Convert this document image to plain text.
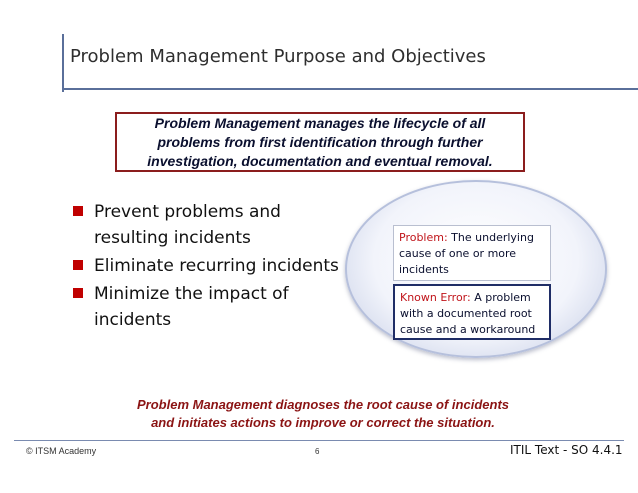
Problem Management Purpose and Objectives
Problem Management manages the lifecycle of all
problems from first identification through further
investigation, documentation and eventual removal.
Prevent problems and
resulting incidents
Eliminate recurring incidents
Minimize the impact of
incidents
Problem: The underlying
cause of one or more
incidents
Known Error: A problem
with a documented root
cause and a workaround
Problem Management diagnoses the root cause of incidents
and initiates actions to improve or correct the situation.
© ITSM Academy	6	ITIL Text - SO 4.4.1
